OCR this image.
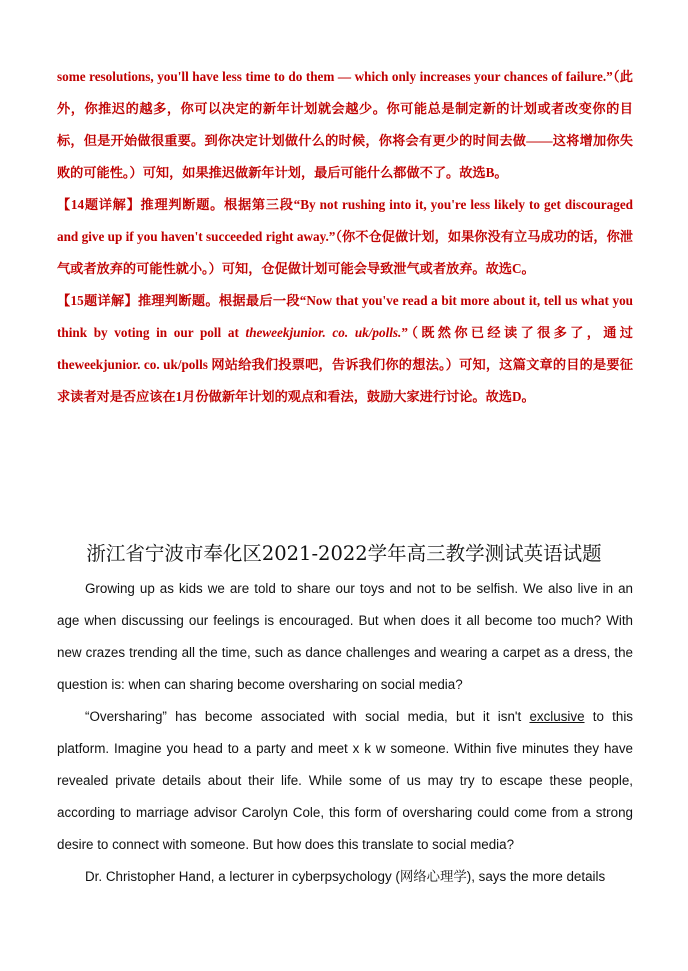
some resolutions, you'll have less time to do them — which only increases your chances of failure.”（此外，你推迟的越多，你可以决定的新年计划就会越少。你可能总是制定新的计划或者改变你的目标，但是开始做很重要。到你决定计划做什么的时候，你将会有更少的时间去做——这将增加你失败的可能性。）可知，如果推迟做新年计划，最后可能什么都做不了。故选B。

【14题详解】推理判断题。根据第三段“By not rushing into it, you're less likely to get discouraged and give up if you haven't succeeded right away.”（你不仓促做计划，如果你没有立马成功的话，你泄气或者放弃的可能性就小。）可知，仓促做计划可能会导致泄气或者放弃。故选C。

【15题详解】推理判断题。根据最后一段“Now that you've read a bit more about it, tell us what you think by voting in our poll at theweekjunior. co. uk/polls.”（既然你已经读了很多了，通过 theweekjunior. co. uk/polls 网站给我们投票吧，告诉我们你的想法。）可知，这篇文章的目的是要征求读者对是否应该在1月份做新年计划的观点和看法，鼓励大家进行讨论。故选D。

浙江省宁波市奉化区2021-2022学年高三教学测试英语试题

Growing up as kids we are told to share our toys and not to be selfish. We also live in an age when discussing our feelings is encouraged. But when does it all become too much? With new crazes trending all the time, such as dance challenges and wearing a carpet as a dress, the question is: when can sharing become oversharing on social media?

“Oversharing” has become associated with social media, but it isn't exclusive to this platform. Imagine you head to a party and meet x k w someone. Within five minutes they have revealed private details about their life. While some of us may try to escape these people, according to marriage advisor Carolyn Cole, this form of oversharing could come from a strong desire to connect with someone. But how does this translate to social media?

Dr. Christopher Hand, a lecturer in cyberpsychology (网络心理学), says the more details
